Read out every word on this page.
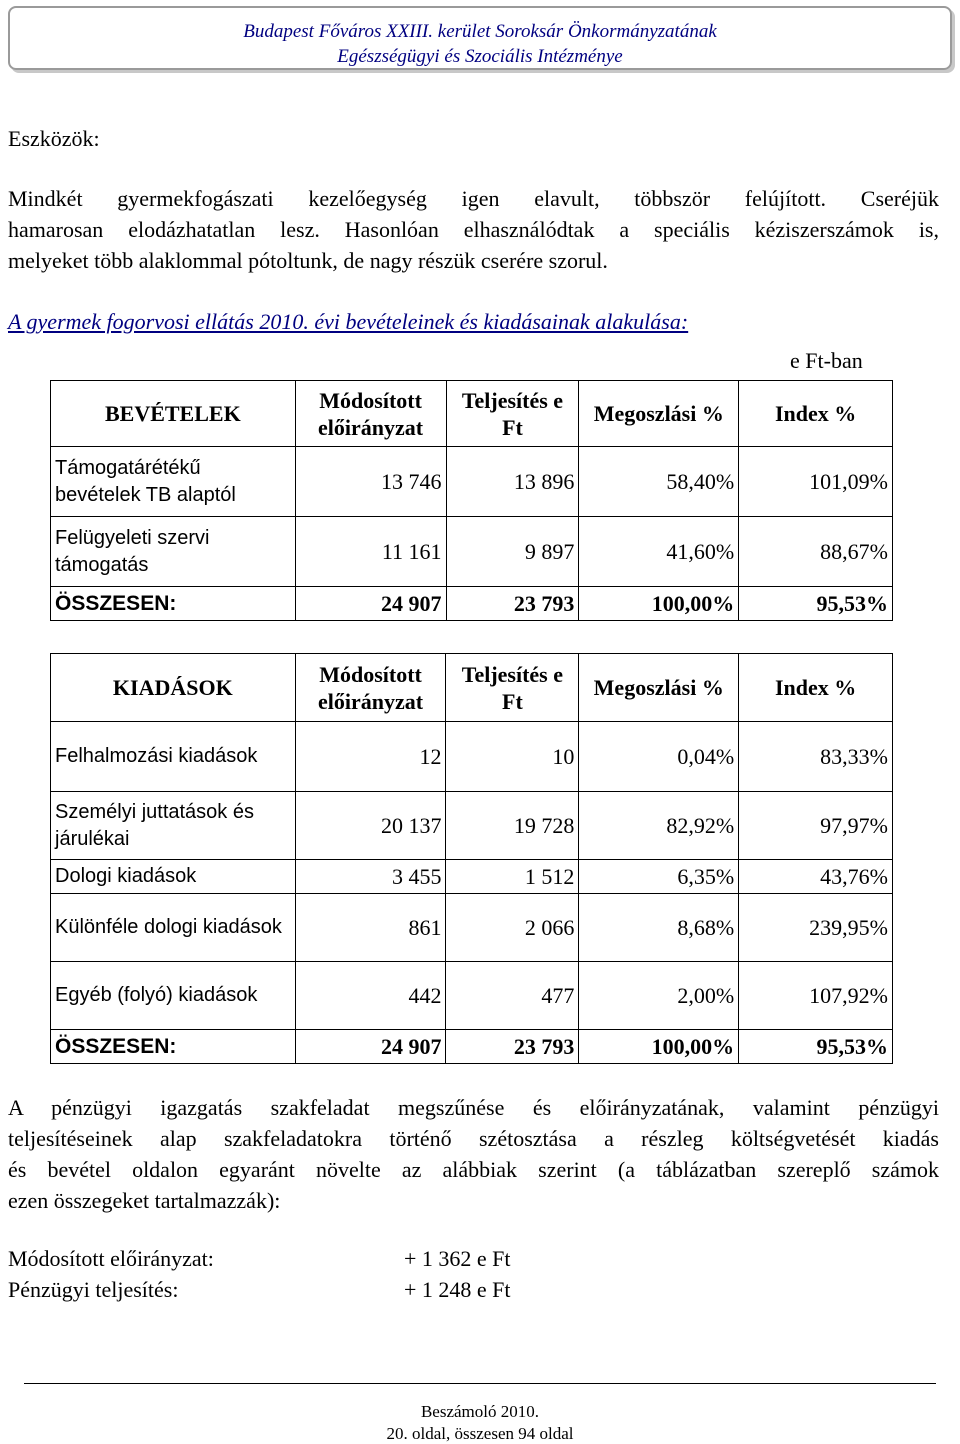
Budapest Főváros XXIII. kerület Soroksár Önkormányzatának
Egészségügyi és Szociális Intézménye
Eszközök:
Mindkét gyermekfogászati kezelőegység igen elavult, többször felújított. Cseréjük
hamarosan elodázhatatlan lesz. Hasonlóan elhasználódtak a speciális kéziszerszámok is,
melyeket több alaklommal pótoltunk, de nagy részük cserére szorul.
A gyermek fogorvosi ellátás 2010. évi bevételeinek és kiadásainak alakulása:
e Ft-ban
BEVÉTELEK	Módosított előirányzat	Teljesítés e Ft	Megoszlási %	Index %
Támogatárétékű bevételek TB alaptól	13 746	13 896	58,40%	101,09%
Felügyeleti szervi támogatás	11 161	9 897	41,60%	88,67%
ÖSSZESEN:	24 907	23 793	100,00%	95,53%
KIADÁSOK	Módosított előirányzat	Teljesítés e Ft	Megoszlási %	Index %
Felhalmozási kiadások	12	10	0,04%	83,33%
Személyi juttatások és járulékai	20 137	19 728	82,92%	97,97%
Dologi kiadások	3 455	1 512	6,35%	43,76%
Különféle dologi kiadások	861	2 066	8,68%	239,95%
Egyéb (folyó) kiadások	442	477	2,00%	107,92%
ÖSSZESEN:	24 907	23 793	100,00%	95,53%
A pénzügyi igazgatás szakfeladat megszűnése és előirányzatának, valamint pénzügyi
teljesítéseinek alap szakfeladatokra történő szétosztása a részleg költségvetését kiadás
és bevétel oldalon egyaránt növelte az alábbiak szerint (a táblázatban szereplő számok
ezen összegeket tartalmazzák):
Módosított előirányzat:	+ 1 362 e Ft
Pénzügyi teljesítés:	+ 1 248 e Ft
Beszámoló 2010.
20. oldal, összesen 94 oldal
